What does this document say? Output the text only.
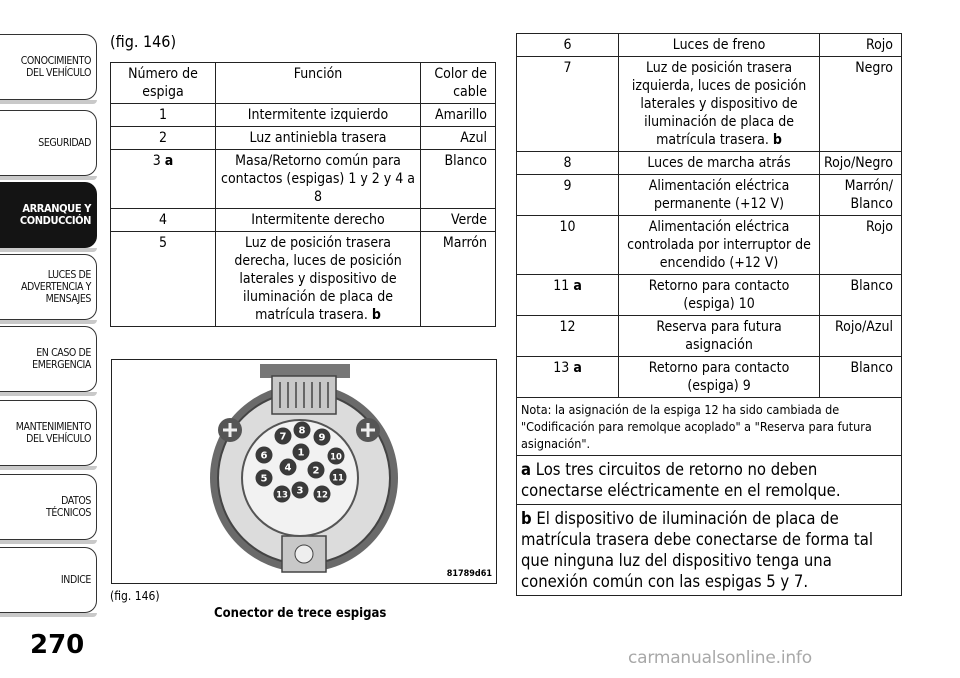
CONOCIMIENTO
DEL VEHÍCULO
SEGURIDAD
ARRANQUE Y
CONDUCCIÓN
LUCES DE
ADVERTENCIA Y
MENSAJES
EN CASO DE
EMERGENCIA
MANTENIMIENTO
DEL VEHÍCULO
DATOS
TÉCNICOS
INDICE
270
(fig. 146)
Número de espiga	Función	Color de cable
1	Intermitente izquierdo	Amarillo
2	Luz antiniebla trasera	Azul
3 a	Masa/Retorno común para contactos (espigas) 1 y 2 y 4 a 8	Blanco
4	Intermitente derecho	Verde
5	Luz de posición trasera derecha, luces de posición laterales y dispositivo de iluminación de placa de matrícula trasera. b	Marrón
1
2
3
4
5
6
7
8
9
10
11
12
13
81789d61
(fig. 146)
Conector de trece espigas
6	Luces de freno	Rojo
7	Luz de posición trasera izquierda, luces de posición laterales y dispositivo de iluminación de placa de matrícula trasera. b	Negro
8	Luces de marcha atrás	Rojo/Negro
9	Alimentación eléctrica permanente (+12 V)	Marrón/ Blanco
10	Alimentación eléctrica controlada por interruptor de encendido (+12 V)	Rojo
11 a	Retorno para contacto (espiga) 10	Blanco
12	Reserva para futura asignación	Rojo/Azul
13 a	Retorno para contacto (espiga) 9	Blanco
Nota: la asignación de la espiga 12 ha sido cambiada de "Codificación para remolque acoplado" a "Reserva para futura asignación".		
a Los tres circuitos de retorno no deben conectarse eléctricamente en el remolque.		
b El dispositivo de iluminación de placa de matrícula trasera debe conectarse de forma tal que ninguna luz del dispositivo tenga una conexión común con las espigas 5 y 7.		
carmanualsonline.info
